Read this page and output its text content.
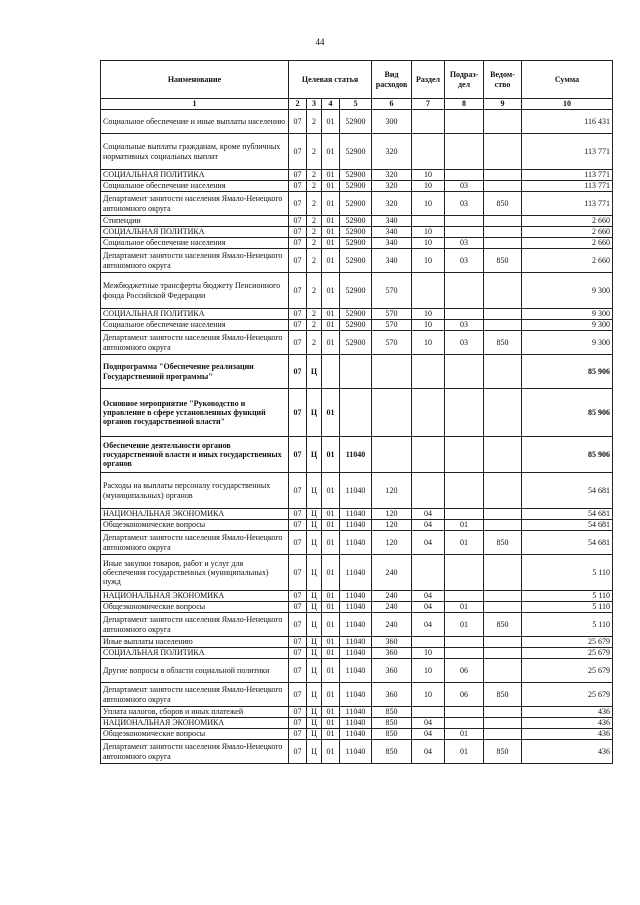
44
Наименование	Целевая статья				Вид расходов	Раздел	Подраз-дел	Ведом-ство	Сумма
1	2	3	4	5	6	7	8	9	10
Социальное обеспечение и иные выплаты населению	07	2	01	52900	300				116 431
Социальные выплаты гражданам, кроме публичных нормативных социальных выплат	07	2	01	52900	320				113 771
СОЦИАЛЬНАЯ ПОЛИТИКА	07	2	01	52900	320	10			113 771
Социальное обеспечение населения	07	2	01	52900	320	10	03		113 771
Департамент занятости населения Ямало-Ненецкого автономного округа	07	2	01	52900	320	10	03	850	113 771
Стипендии	07	2	01	52900	340				2 660
СОЦИАЛЬНАЯ ПОЛИТИКА	07	2	01	52900	340	10			2 660
Социальное обеспечение населения	07	2	01	52900	340	10	03		2 660
Департамент занятости населения Ямало-Ненецкого автономного округа	07	2	01	52900	340	10	03	850	2 660
Межбюджетные трансферты бюджету Пенсионного фонда Российской Федерации	07	2	01	52900	570				9 300
СОЦИАЛЬНАЯ ПОЛИТИКА	07	2	01	52900	570	10			9 300
Социальное обеспечение населения	07	2	01	52900	570	10	03		9 300
Департамент занятости населения Ямало-Ненецкого автономного округа	07	2	01	52900	570	10	03	850	9 300
Подпрограмма "Обеспечение реализации Государственной программы"	07	Ц							85 906
Основное мероприятие "Руководство и управление в сфере установленных функций органов государственной власти"	07	Ц	01						85 906
Обеспечение деятельности органов государственной власти и иных государственных органов	07	Ц	01	11040					85 906
Расходы на выплаты персоналу государственных (муниципальных) органов	07	Ц	01	11040	120				54 681
НАЦИОНАЛЬНАЯ ЭКОНОМИКА	07	Ц	01	11040	120	04			54 681
Общеэкономические вопросы	07	Ц	01	11040	120	04	01		54 681
Департамент занятости населения Ямало-Ненецкого автономного округа	07	Ц	01	11040	120	04	01	850	54 681
Иные закупки товаров, работ и услуг для обеспечения государственных (муниципальных) нужд	07	Ц	01	11040	240				5 110
НАЦИОНАЛЬНАЯ ЭКОНОМИКА	07	Ц	01	11040	240	04			5 110
Общеэкономические вопросы	07	Ц	01	11040	240	04	01		5 110
Департамент занятости населения Ямало-Ненецкого автономного округа	07	Ц	01	11040	240	04	01	850	5 110
Иные выплаты населению	07	Ц	01	11040	360				25 679
СОЦИАЛЬНАЯ ПОЛИТИКА	07	Ц	01	11040	360	10			25 679
Другие вопросы в области социальной политики	07	Ц	01	11040	360	10	06		25 679
Департамент занятости населения Ямало-Ненецкого автономного округа	07	Ц	01	11040	360	10	06	850	25 679
Уплата налогов, сборов и иных платежей	07	Ц	01	11040	850				436
НАЦИОНАЛЬНАЯ ЭКОНОМИКА	07	Ц	01	11040	850	04			436
Общеэкономические вопросы	07	Ц	01	11040	850	04	01		436
Департамент занятости населения Ямало-Ненецкого автономного округа	07	Ц	01	11040	850	04	01	850	436
